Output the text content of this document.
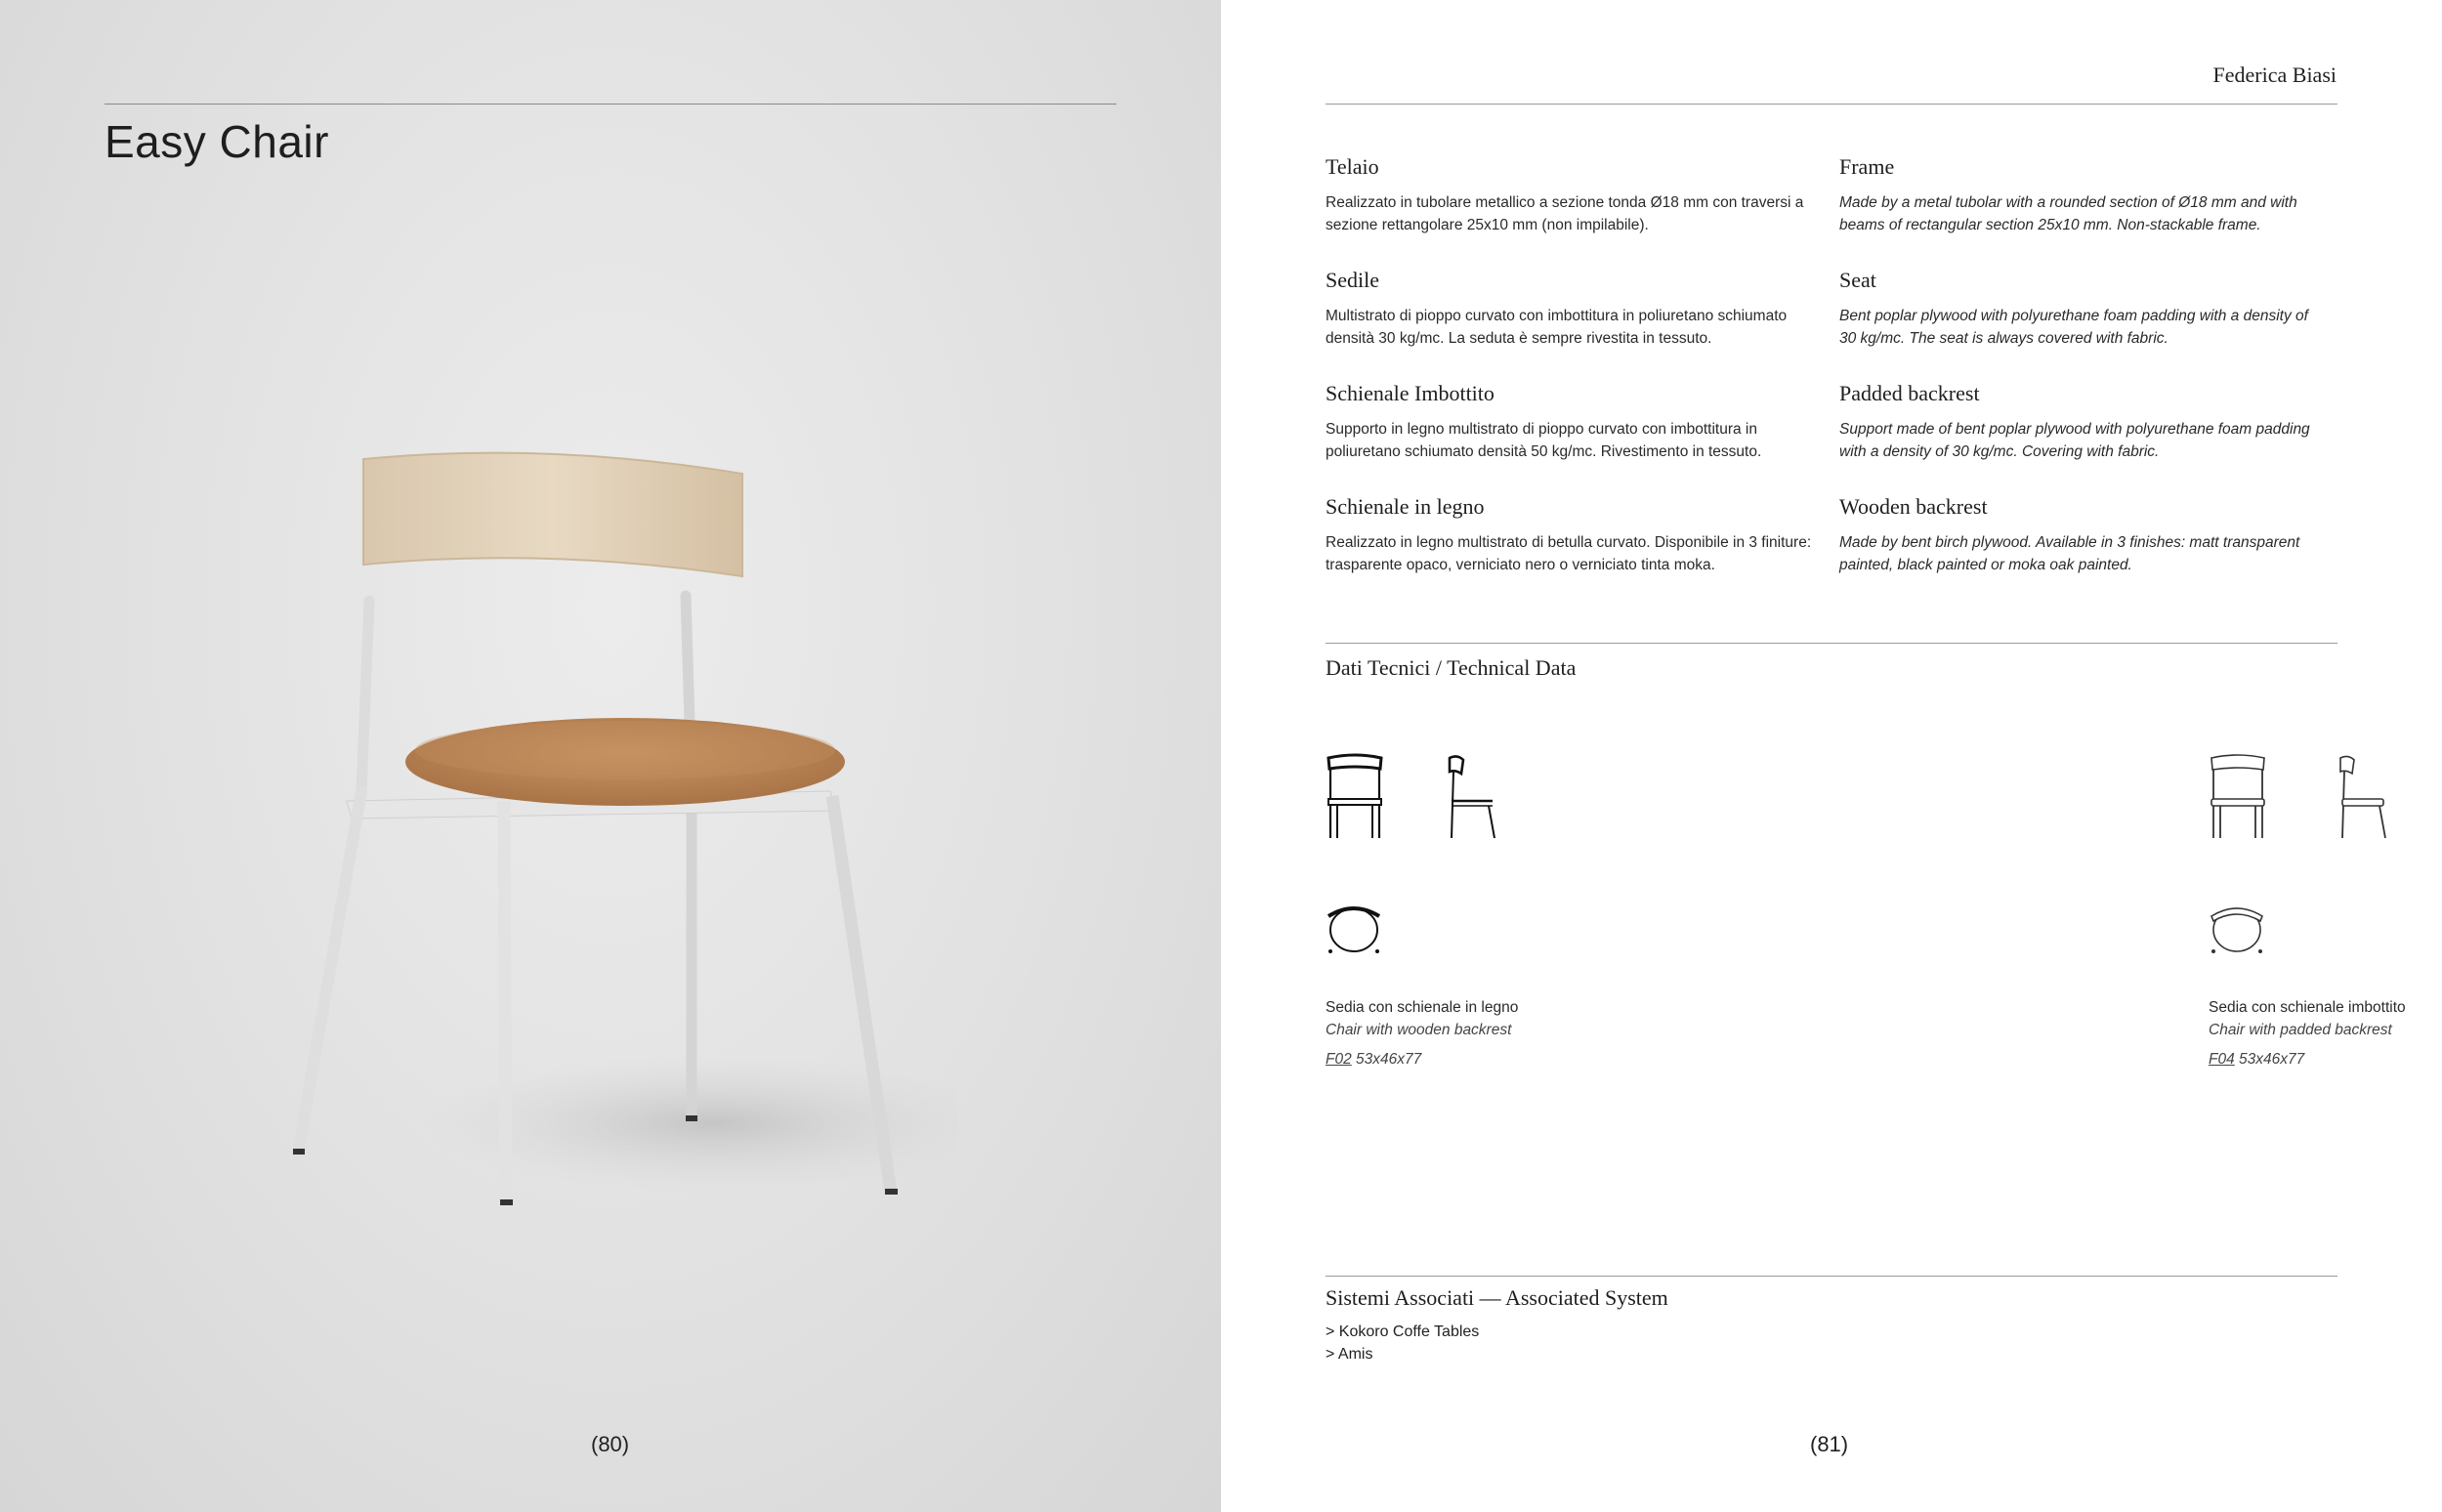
Easy Chair
(80)
Federica Biasi
Telaio

Realizzato in tubolare metallico a sezione tonda Ø18 mm con traversi a sezione rettangolare 25x10 mm (non impilabile).

Frame

Made by a metal tubolar with a rounded section of Ø18 mm and with beams of rectangular section 25x10 mm. Non-stackable frame.

Sedile

Multistrato di pioppo curvato con imbottitura in poliuretano schiumato densità 30 kg/mc. La seduta è sempre rivestita in tessuto.

Seat

Bent poplar plywood with polyurethane foam padding with a density of 30 kg/mc. The seat is always covered with fabric.

Schienale Imbottito

Supporto in legno multistrato di pioppo curvato con imbottitura in poliuretano schiumato densità 50 kg/mc. Rivestimento in tessuto.

Padded backrest

Support made of bent poplar plywood with polyurethane foam padding with a density of 30 kg/mc. Covering with fabric.

Schienale in legno

Realizzato in legno multistrato di betulla curvato. Disponibile in 3 finiture: trasparente opaco, verniciato nero o verniciato tinta moka.

Wooden backrest

Made by bent birch plywood. Available in 3 finishes: matt transparent painted, black painted or moka oak painted.

Dati Tecnici / Technical Data
Sedia con schienale in legno
Chair with wooden backrest
F02 53x46x77
Sedia con schienale imbottito
Chair with padded backrest
F04 53x46x77
Sistemi Associati — Associated System
> Kokoro Coffe Tables
> Amis
(81)
